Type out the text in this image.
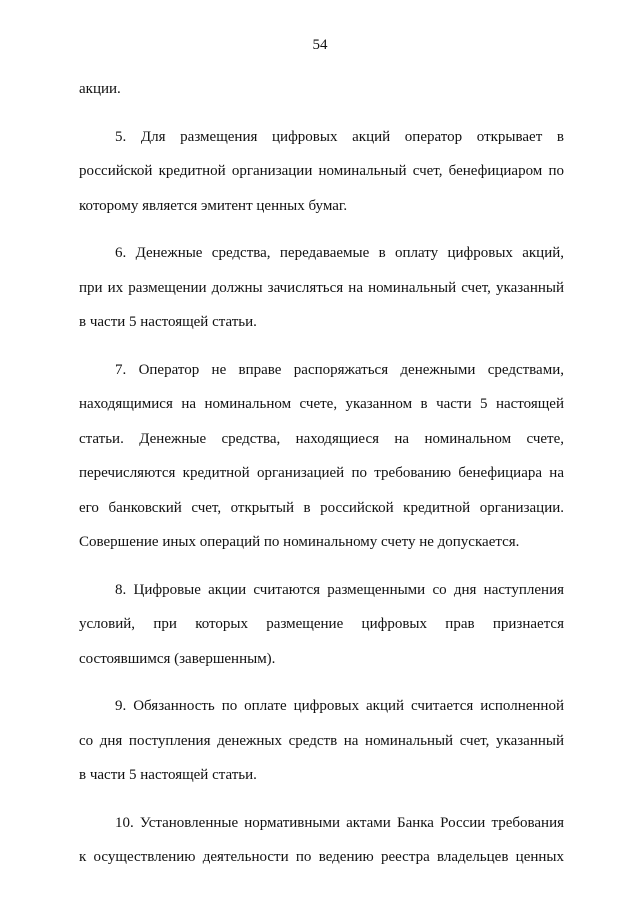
54
акции.
5. Для размещения цифровых акций оператор открывает в
российской кредитной организации номинальный счет, бенефициаром по
которому является эмитент ценных бумаг.
6. Денежные средства, передаваемые в оплату цифровых акций,
при их размещении должны зачисляться на номинальный счет, указанный
в части 5 настоящей статьи.
7. Оператор не вправе распоряжаться денежными средствами,
находящимися на номинальном счете, указанном в части 5 настоящей
статьи. Денежные средства, находящиеся на номинальном счете,
перечисляются кредитной организацией по требованию бенефициара на
его банковский счет, открытый в российской кредитной организации.
Совершение иных операций по номинальному счету не допускается.
8. Цифровые акции считаются размещенными со дня наступления
условий, при которых размещение цифровых прав признается
состоявшимся (завершенным).
9. Обязанность по оплате цифровых акций считается исполненной
со дня поступления денежных средств на номинальный счет, указанный
в части 5 настоящей статьи.
10. Установленные нормативными актами Банка России требования
к осуществлению деятельности по ведению реестра владельцев ценных
